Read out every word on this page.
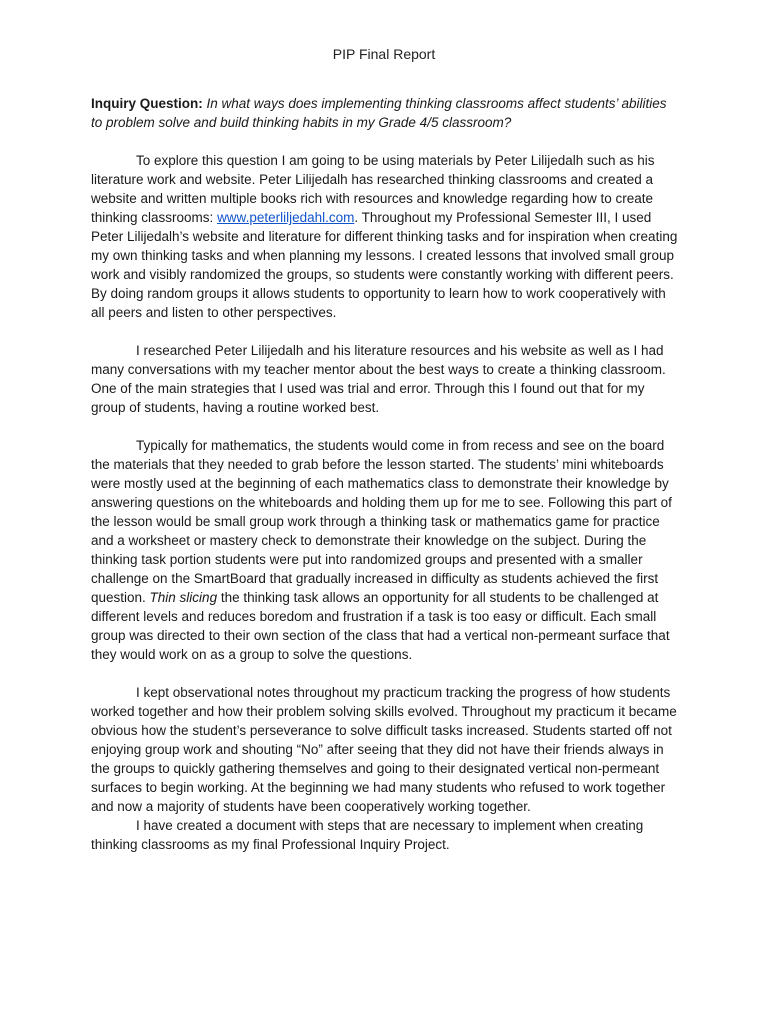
PIP Final Report

Inquiry Question: In what ways does implementing thinking classrooms affect students’ abilities to problem solve and build thinking habits in my Grade 4/5 classroom?

To explore this question I am going to be using materials by Peter Lilijedalh such as his literature work and website. Peter Lilijedalh has researched thinking classrooms and created a website and written multiple books rich with resources and knowledge regarding how to create thinking classrooms: www.peterliljedahl.com. Throughout my Professional Semester III, I used Peter Lilijedalh’s website and literature for different thinking tasks and for inspiration when creating my own thinking tasks and when planning my lessons. I created lessons that involved small group work and visibly randomized the groups, so students were constantly working with different peers. By doing random groups it allows students to opportunity to learn how to work cooperatively with all peers and listen to other perspectives.

I researched Peter Lilijedalh and his literature resources and his website as well as I had many conversations with my teacher mentor about the best ways to create a thinking classroom. One of the main strategies that I used was trial and error. Through this I found out that for my group of students, having a routine worked best.

Typically for mathematics, the students would come in from recess and see on the board the materials that they needed to grab before the lesson started. The students’ mini whiteboards were mostly used at the beginning of each mathematics class to demonstrate their knowledge by answering questions on the whiteboards and holding them up for me to see. Following this part of the lesson would be small group work through a thinking task or mathematics game for practice and a worksheet or mastery check to demonstrate their knowledge on the subject. During the thinking task portion students were put into randomized groups and presented with a smaller challenge on the SmartBoard that gradually increased in difficulty as students achieved the first question. Thin slicing the thinking task allows an opportunity for all students to be challenged at different levels and reduces boredom and frustration if a task is too easy or difficult. Each small group was directed to their own section of the class that had a vertical non-permeant surface that they would work on as a group to solve the questions.

I kept observational notes throughout my practicum tracking the progress of how students worked together and how their problem solving skills evolved. Throughout my practicum it became obvious how the student’s perseverance to solve difficult tasks increased. Students started off not enjoying group work and shouting “No” after seeing that they did not have their friends always in the groups to quickly gathering themselves and going to their designated vertical non-permeant surfaces to begin working. At the beginning we had many students who refused to work together and now a majority of students have been cooperatively working together.

I have created a document with steps that are necessary to implement when creating thinking classrooms as my final Professional Inquiry Project.
